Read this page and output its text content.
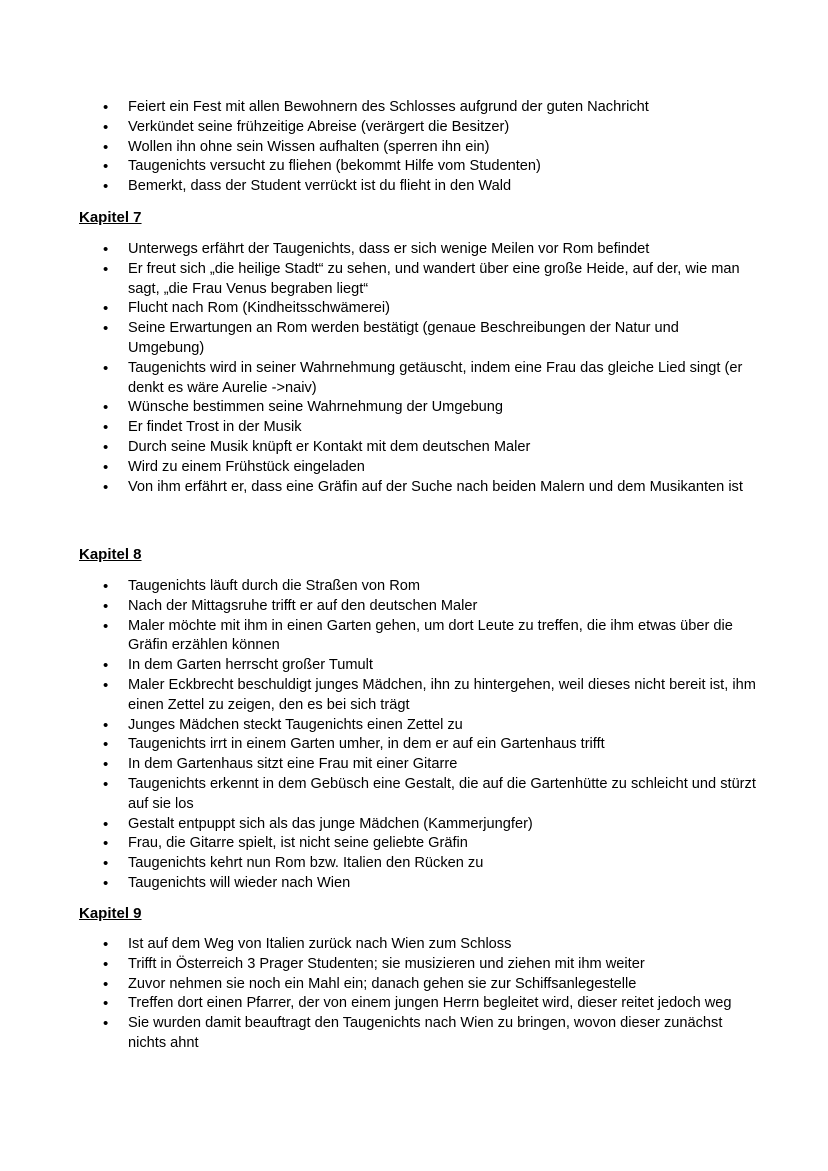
• Feiert ein Fest mit allen Bewohnern des Schlosses aufgrund der guten Nachricht
• Verkündet seine frühzeitige Abreise (verärgert die Besitzer)
• Wollen ihn ohne sein Wissen aufhalten (sperren ihn ein)
• Taugenichts versucht zu fliehen (bekommt Hilfe vom Studenten)
• Bemerkt, dass der Student verrückt ist du flieht in den Wald
Kapitel 7
• Unterwegs erfährt der Taugenichts, dass er sich wenige Meilen vor Rom befindet
• Er freut sich „die heilige Stadt“ zu sehen, und wandert über eine große Heide, auf der, wie man sagt, „die Frau Venus begraben liegt“
• Flucht nach Rom (Kindheitsschwämerei)
• Seine Erwartungen an Rom werden bestätigt (genaue Beschreibungen der Natur und Umgebung)
• Taugenichts wird in seiner Wahrnehmung getäuscht, indem eine Frau das gleiche Lied singt (er denkt es wäre Aurelie ->naiv)
• Wünsche bestimmen seine Wahrnehmung der Umgebung
• Er findet Trost in der Musik
• Durch seine Musik knüpft er Kontakt mit dem deutschen Maler
• Wird zu einem Frühstück eingeladen
• Von ihm erfährt er, dass eine Gräfin auf der Suche nach beiden Malern und dem Musikanten ist
Kapitel 8
• Taugenichts läuft durch die Straßen von Rom
• Nach der Mittagsruhe trifft er auf den deutschen Maler
• Maler möchte mit ihm in einen Garten gehen, um dort Leute zu treffen, die ihm etwas über die Gräfin erzählen können
• In dem Garten herrscht großer Tumult
• Maler Eckbrecht beschuldigt junges Mädchen, ihn zu hintergehen, weil dieses nicht bereit ist, ihm einen Zettel zu zeigen, den es bei sich trägt
• Junges Mädchen steckt Taugenichts einen Zettel zu
• Taugenichts irrt in einem Garten umher, in dem er auf ein Gartenhaus trifft
• In dem Gartenhaus sitzt eine Frau mit einer Gitarre
• Taugenichts erkennt in dem Gebüsch eine Gestalt, die auf die Gartenhütte zu schleicht und stürzt auf sie los
• Gestalt entpuppt sich als das junge Mädchen (Kammerjungfer)
• Frau, die Gitarre spielt, ist nicht seine geliebte Gräfin
• Taugenichts kehrt nun Rom bzw. Italien den Rücken zu
• Taugenichts will wieder nach Wien
Kapitel 9
• Ist auf dem Weg von Italien zurück nach Wien zum Schloss
• Trifft in Österreich 3 Prager Studenten; sie musizieren und ziehen mit ihm weiter
• Zuvor nehmen sie noch ein Mahl ein; danach gehen sie zur Schiffsanlegestelle
• Treffen dort einen Pfarrer, der von einem jungen Herrn begleitet wird, dieser reitet jedoch weg
• Sie wurden damit beauftragt den Taugenichts nach Wien zu bringen, wovon dieser zunächst nichts ahnt
